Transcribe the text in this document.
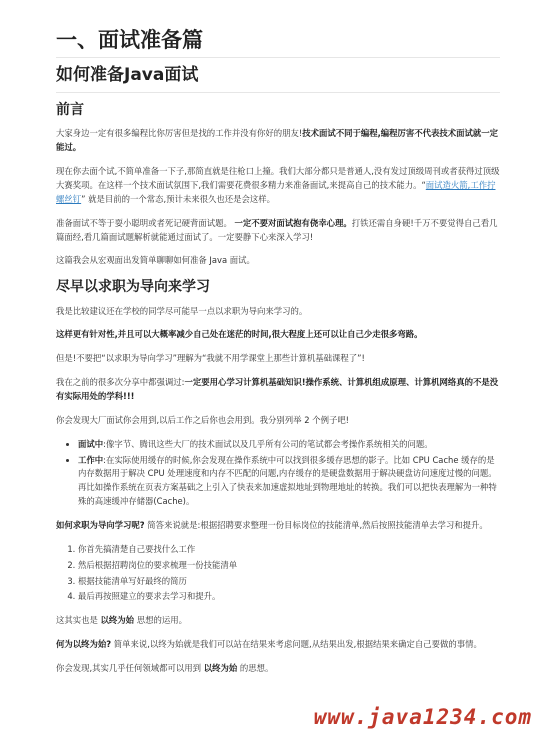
一、面试准备篇
如何准备Java面试
前言

大家身边一定有很多编程比你厉害但是找的工作并没有你好的朋友!技术面试不同于编程,编程厉害不代表技术面试就一定能过。

现在你去面个试,不简单准备一下子,那简直就是往枪口上撞。我们大部分都只是普通人,没有发过顶级周刊或者获得过顶级大赛奖项。在这样一个技术面试氛围下,我们需要花费很多精力来准备面试,来提高自己的技术能力。“面试造火箭,工作拧螺丝钉” 就是目前的一个常态,预计未来很久也还是会这样。

准备面试不等于耍小聪明或者死记硬背面试题。 一定不要对面试抱有侥幸心理。打铁还需自身硬!千万不要觉得自己看几篇面经,看几篇面试题解析就能通过面试了。一定要静下心来深入学习!

这篇我会从宏观面出发简单聊聊如何准备 Java 面试。

尽早以求职为导向来学习

我是比较建议还在学校的同学尽可能早一点以求职为导向来学习的。

这样更有针对性,并且可以大概率减少自己处在迷茫的时间,很大程度上还可以让自己少走很多弯路。

但是!不要把“以求职为导向学习”理解为“我就不用学课堂上那些计算机基础课程了”!

我在之前的很多次分享中都强调过:一定要用心学习计算机基础知识!操作系统、计算机组成原理、计算机网络真的不是没有实际用处的学科!!!

你会发现大厂面试你会用到,以后工作之后你也会用到。我分别列举 2 个例子吧!

• 面试中:像字节、腾讯这些大厂的技术面试以及几乎所有公司的笔试都会考操作系统相关的问题。
• 工作中:在实际使用缓存的时候,你会发现在操作系统中可以找到很多缓存思想的影子。比如 CPU Cache 缓存的是内存数据用于解决 CPU 处理速度和内存不匹配的问题,内存缓存的是硬盘数据用于解决硬盘访问速度过慢的问题。再比如操作系统在页表方案基础之上引入了快表来加速虚拟地址到物理地址的转换。我们可以把快表理解为一种特殊的高速缓冲存储器(Cache)。

如何求职为导向学习呢? 简答来说就是:根据招聘要求整理一份目标岗位的技能清单,然后按照技能清单去学习和提升。

1. 你首先搞清楚自己要找什么工作
2. 然后根据招聘岗位的要求梳理一份技能清单
3. 根据技能清单写好最终的简历
4. 最后再按照建立的要求去学习和提升。

这其实也是 以终为始 思想的运用。

何为以终为始? 简单来说,以终为始就是我们可以站在结果来考虑问题,从结果出发,根据结果来确定自己要做的事情。

你会发现,其实几乎任何领域都可以用到 以终为始 的思想。

www.java1234.com
